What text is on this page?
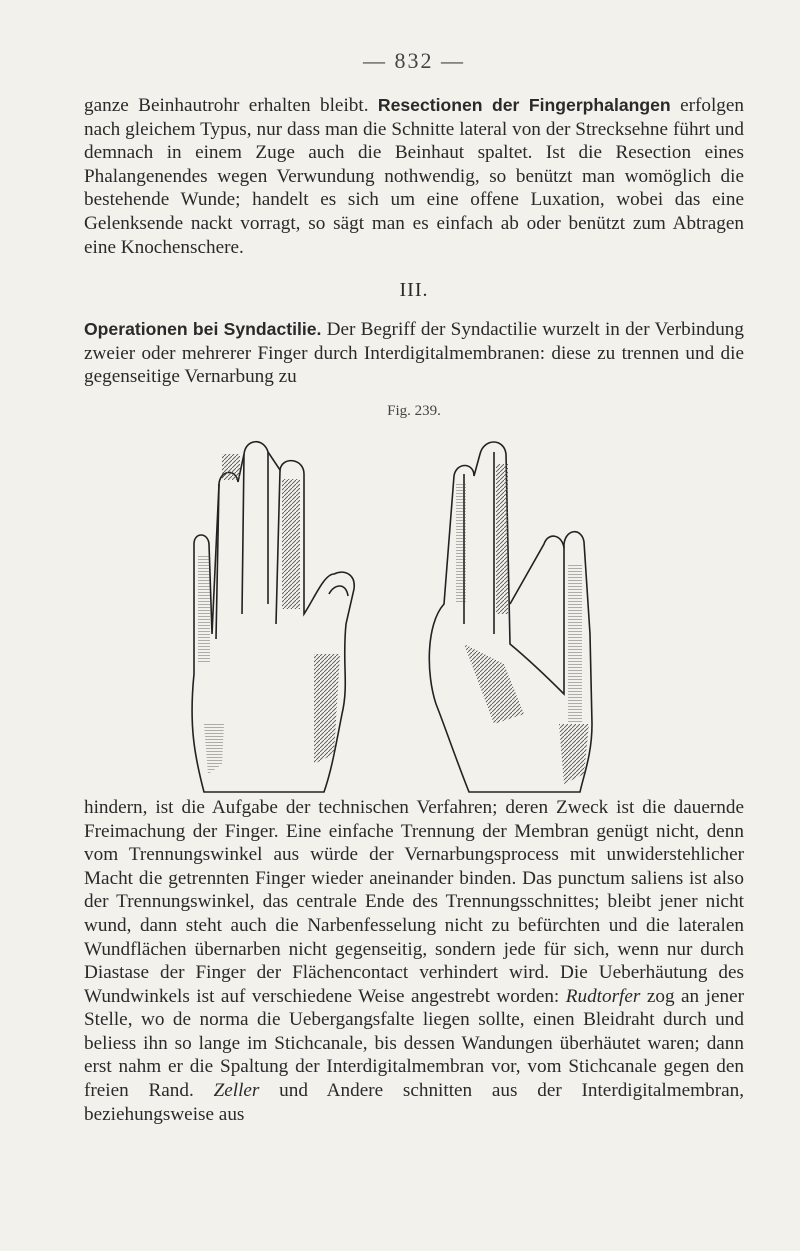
— 832 —

ganze Beinhautrohr erhalten bleibt. Resectionen der Fingerphalangen erfolgen nach gleichem Typus, nur dass man die Schnitte lateral von der Strecksehne führt und demnach in einem Zuge auch die Beinhaut spaltet. Ist die Resection eines Phalangenendes wegen Verwundung nothwendig, so benützt man womöglich die bestehende Wunde; handelt es sich um eine offene Luxation, wobei das eine Gelenksende nackt vorragt, so sägt man es einfach ab oder benützt zum Abtragen eine Knochenschere.

III.

Operationen bei Syndactilie. Der Begriff der Syndactilie wurzelt in der Verbindung zweier oder mehrerer Finger durch Interdigitalmembranen: diese zu trennen und die gegenseitige Vernarbung zu

Fig. 239.

hindern, ist die Aufgabe der technischen Verfahren; deren Zweck ist die dauernde Freimachung der Finger. Eine einfache Trennung der Membran genügt nicht, denn vom Trennungswinkel aus würde der Vernarbungsprocess mit unwiderstehlicher Macht die getrennten Finger wieder aneinander binden. Das punctum saliens ist also der Trennungswinkel, das centrale Ende des Trennungsschnittes; bleibt jener nicht wund, dann steht auch die Narbenfesselung nicht zu befürchten und die lateralen Wundflächen übernarben nicht gegenseitig, sondern jede für sich, wenn nur durch Diastase der Finger der Flächencontact verhindert wird. Die Ueberhäutung des Wundwinkels ist auf verschiedene Weise angestrebt worden: Rudtorfer zog an jener Stelle, wo de norma die Uebergangsfalte liegen sollte, einen Bleidraht durch und beliess ihn so lange im Stichcanale, bis dessen Wandungen überhäutet waren; dann erst nahm er die Spaltung der Interdigitalmembran vor, vom Stichcanale gegen den freien Rand. Zeller und Andere schnitten aus der Interdigitalmembran, beziehungsweise aus
